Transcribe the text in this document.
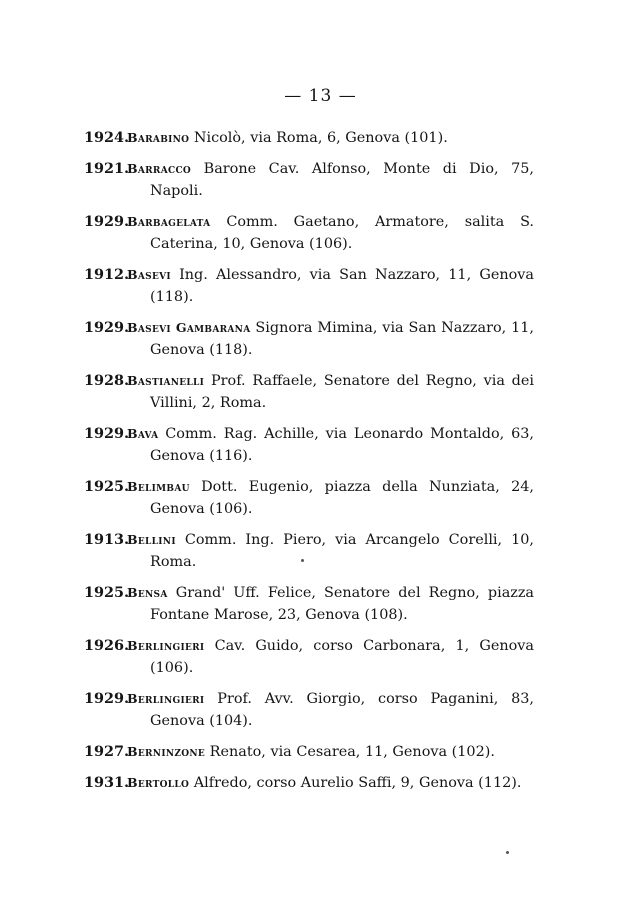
— 13 —

1924.Barabino Nicolò, via Roma, 6, Genova (101).

1921.Barracco Barone Cav. Alfonso, Monte di Dio, 75, Napoli.

1929.Barbagelata Comm. Gaetano, Armatore, salita S. Caterina, 10, Genova (106).

1912.Basevi Ing. Alessandro, via San Nazzaro, 11, Genova (118).

1929.Basevi Gambarana Signora Mimina, via San Nazzaro, 11, Genova (118).

1928.Bastianelli Prof. Raffaele, Senatore del Regno, via dei Villini, 2, Roma.

1929.Bava Comm. Rag. Achille, via Leonardo Montaldo, 63, Genova (116).

1925.Belimbau Dott. Eugenio, piazza della Nunziata, 24, Genova (106).

1913.Bellini Comm. Ing. Piero, via Arcangelo Corelli, 10, Roma.

1925.Bensa Grand' Uff. Felice, Senatore del Regno, piazza Fontane Marose, 23, Genova (108).

1926.Berlingieri Cav. Guido, corso Carbonara, 1, Genova (106).

1929.Berlingieri Prof. Avv. Giorgio, corso Paganini, 83, Genova (104).

1927.Berninzone Renato, via Cesarea, 11, Genova (102).

1931.Bertollo Alfredo, corso Aurelio Saffi, 9, Genova (112).
